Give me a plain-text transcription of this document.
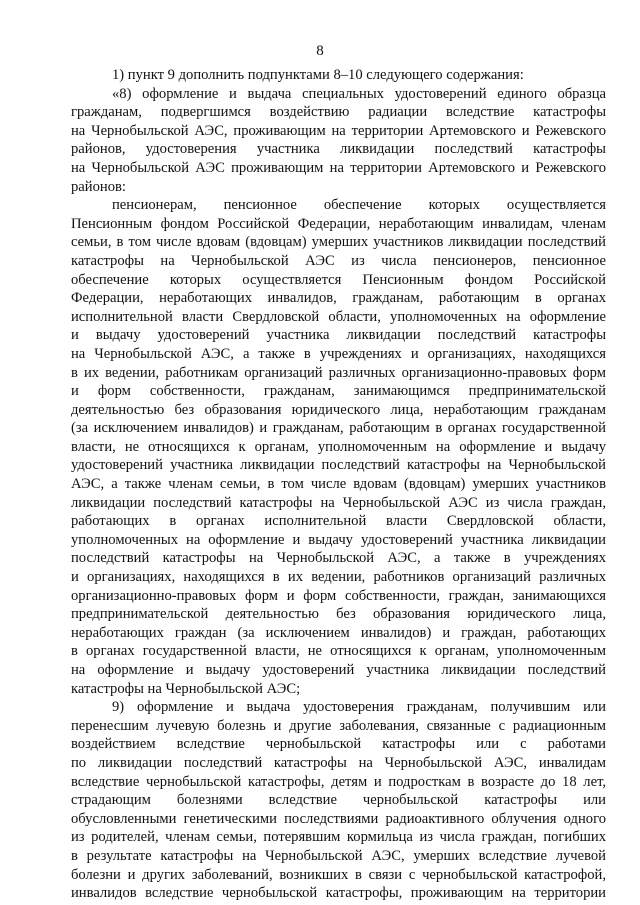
8
1) пункт 9 дополнить подпунктами 8–10 следующего содержания:
«8) оформление и выдача специальных удостоверений единого образца
гражданам, подвергшимся воздействию радиации вследствие катастрофы
на Чернобыльской АЭС, проживающим на территории Артемовского и Режевского
районов, удостоверения участника ликвидации последствий катастрофы
на Чернобыльской АЭС проживающим на территории Артемовского и Режевского
районов:
пенсионерам, пенсионное обеспечение которых осуществляется
Пенсионным фондом Российской Федерации, неработающим инвалидам, членам
семьи, в том числе вдовам (вдовцам) умерших участников ликвидации последствий
катастрофы на Чернобыльской АЭС из числа пенсионеров, пенсионное
обеспечение которых осуществляется Пенсионным фондом Российской
Федерации, неработающих инвалидов, гражданам, работающим в органах
исполнительной власти Свердловской области, уполномоченных на оформление
и выдачу удостоверений участника ликвидации последствий катастрофы
на Чернобыльской АЭС, а также в учреждениях и организациях, находящихся
в их ведении, работникам организаций различных организационно-правовых форм
и форм собственности, гражданам, занимающимся предпринимательской
деятельностью без образования юридического лица, неработающим гражданам
(за исключением инвалидов) и гражданам, работающим в органах государственной
власти, не относящихся к органам, уполномоченным на оформление и выдачу
удостоверений участника ликвидации последствий катастрофы на Чернобыльской
АЭС, а также членам семьи, в том числе вдовам (вдовцам) умерших участников
ликвидации последствий катастрофы на Чернобыльской АЭС из числа граждан,
работающих в органах исполнительной власти Свердловской области,
уполномоченных на оформление и выдачу удостоверений участника ликвидации
последствий катастрофы на Чернобыльской АЭС, а также в учреждениях
и организациях, находящихся в их ведении, работников организаций различных
организационно-правовых форм и форм собственности, граждан, занимающихся
предпринимательской деятельностью без образования юридического лица,
неработающих граждан (за исключением инвалидов) и граждан, работающих
в органах государственной власти, не относящихся к органам, уполномоченным
на оформление и выдачу удостоверений участника ликвидации последствий
катастрофы на Чернобыльской АЭС;
9) оформление и выдача удостоверения гражданам, получившим или
перенесшим лучевую болезнь и другие заболевания, связанные с радиационным
воздействием вследствие чернобыльской катастрофы или с работами
по ликвидации последствий катастрофы на Чернобыльской АЭС, инвалидам
вследствие чернобыльской катастрофы, детям и подросткам в возрасте до 18 лет,
страдающим болезнями вследствие чернобыльской катастрофы или
обусловленными генетическими последствиями радиоактивного облучения одного
из родителей, членам семьи, потерявшим кормильца из числа граждан, погибших
в результате катастрофы на Чернобыльской АЭС, умерших вследствие лучевой
болезни и других заболеваний, возникших в связи с чернобыльской катастрофой,
инвалидов вследствие чернобыльской катастрофы, проживающим на территории
